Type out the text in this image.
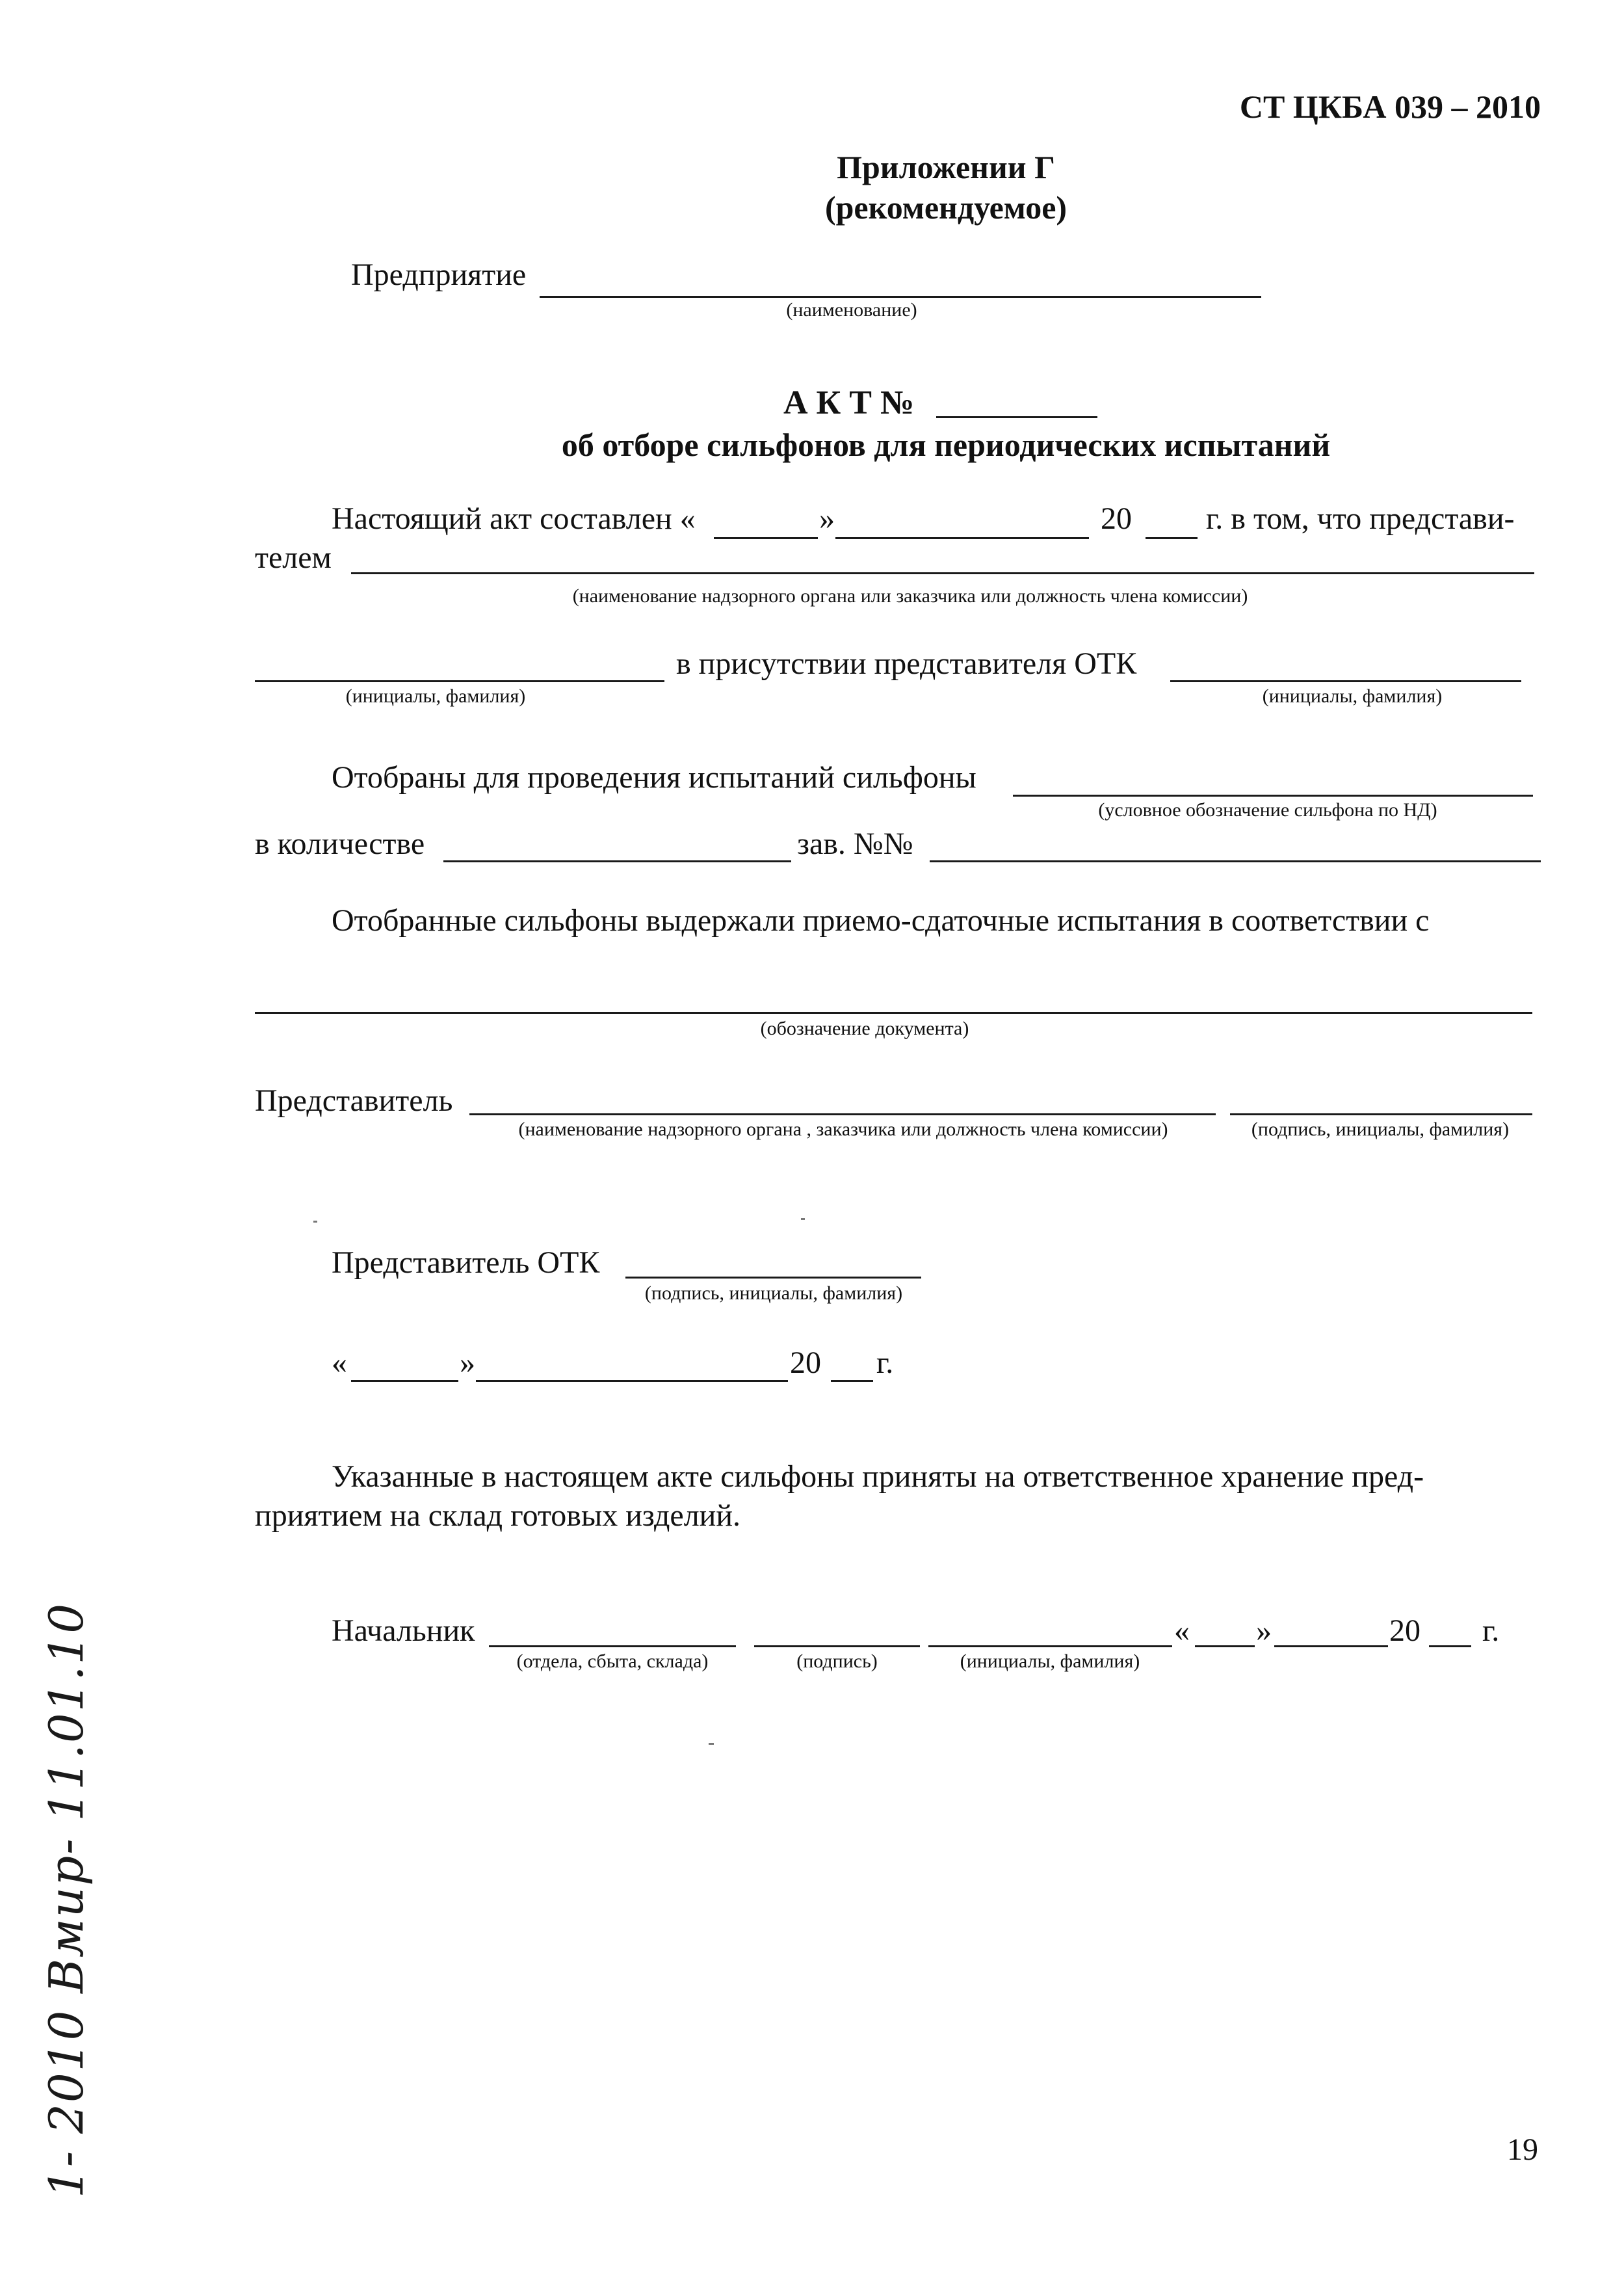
СТ ЦКБА 039 – 2010
Приложении Г
(рекомендуемое)
Предприятие
(наименование)
А К Т №
об отборе сильфонов для периодических испытаний
Настоящий акт составлен «	»	20 г. в том, что представи-
телем
(наименование надзорного органа или заказчика или должность члена комиссии)
(инициалы, фамилия)
в присутствии представителя ОТК
(инициалы, фамилия)
Отобраны для проведения испытаний сильфоны
(условное обозначение сильфона по НД)
в количестве	зав. №№
Отобранные сильфоны выдержали приемо-сдаточные испытания в соответствии с
(обозначение документа)
Представитель
(наименование надзорного органа , заказчика или должность члена комиссии)	(подпись, инициалы, фамилия)
Представитель ОТК
(подпись, инициалы, фамилия)
«	»	20 г.
Указанные в настоящем акте сильфоны приняты на ответственное хранение пред-
приятием на склад готовых изделий.
Начальник
(отдела, сбыта, склада)	(подпись)	(инициалы, фамилия)
« »	20 г.
1- 2010 Вмир- 11.01.10	19
